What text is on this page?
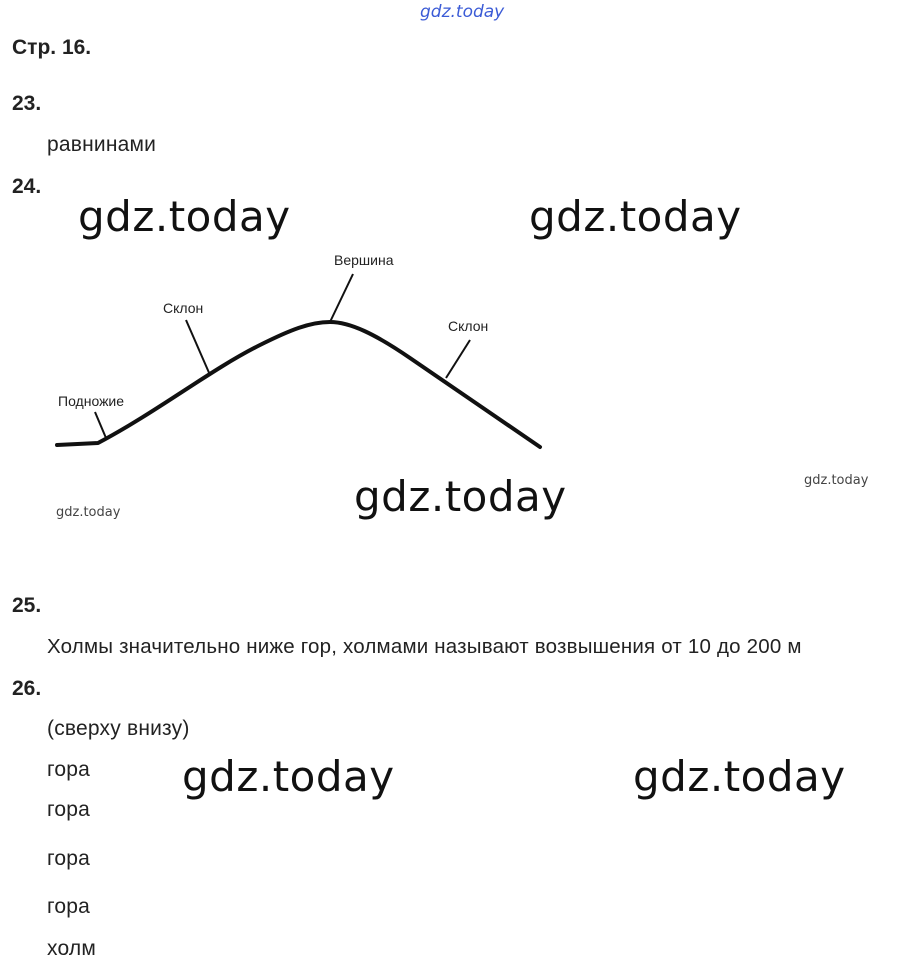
gdz.today
Стр. 16.
23.
равнинами
24.
gdz.today	gdz.today
Вершина
Склон
Склон
Подножие
gdz.today
gdz.today
gdz.today
25.
Холмы значительно ниже гор, холмами называют возвышения от 10 до 200 м
26.
(сверху внизу)
гора
гора
гора
гора
холм
gdz.today	gdz.today
